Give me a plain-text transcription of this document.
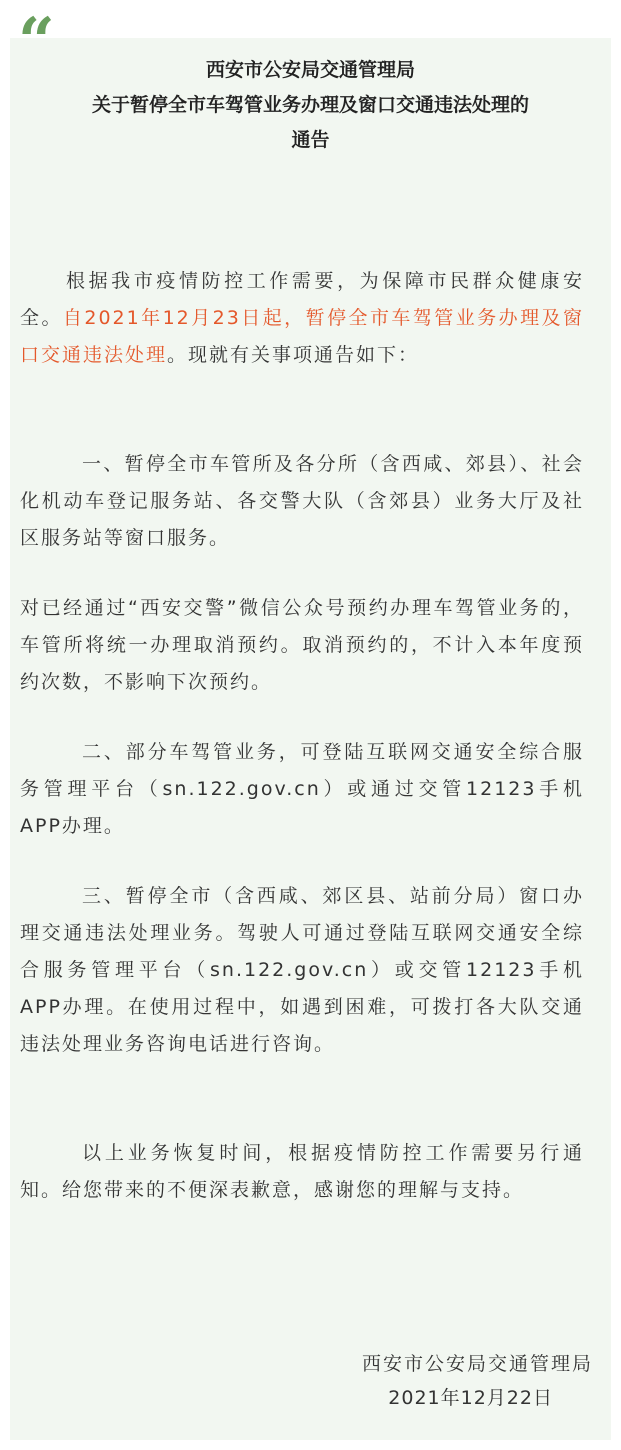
“	西安市公安局交通管理局
关于暂停全市车驾管业务办理及窗口交通违法处理的
通告
根据我市疫情防控工作需要，为保障市民群众健康安全。自2021年12月23日起，暂停全市车驾管业务办理及窗口交通违法处理。现就有关事项通告如下：
一、暂停全市车管所及各分所（含西咸、郊县）、社会化机动车登记服务站、各交警大队（含郊县）业务大厅及社区服务站等窗口服务。
对已经通过“西安交警”微信公众号预约办理车驾管业务的，车管所将统一办理取消预约。取消预约的，不计入本年度预约次数，不影响下次预约。
二、部分车驾管业务，可登陆互联网交通安全综合服务管理平台（sn.122.gov.cn）或通过交管12123手机APP办理。
三、暂停全市（含西咸、郊区县、站前分局）窗口办理交通违法处理业务。驾驶人可通过登陆互联网交通安全综合服务管理平台（sn.122.gov.cn）或交管12123手机APP办理。在使用过程中，如遇到困难，可拨打各大队交通违法处理业务咨询电话进行咨询。
以上业务恢复时间，根据疫情防控工作需要另行通知。给您带来的不便深表歉意，感谢您的理解与支持。
西安市公安局交通管理局
2021年12月22日
